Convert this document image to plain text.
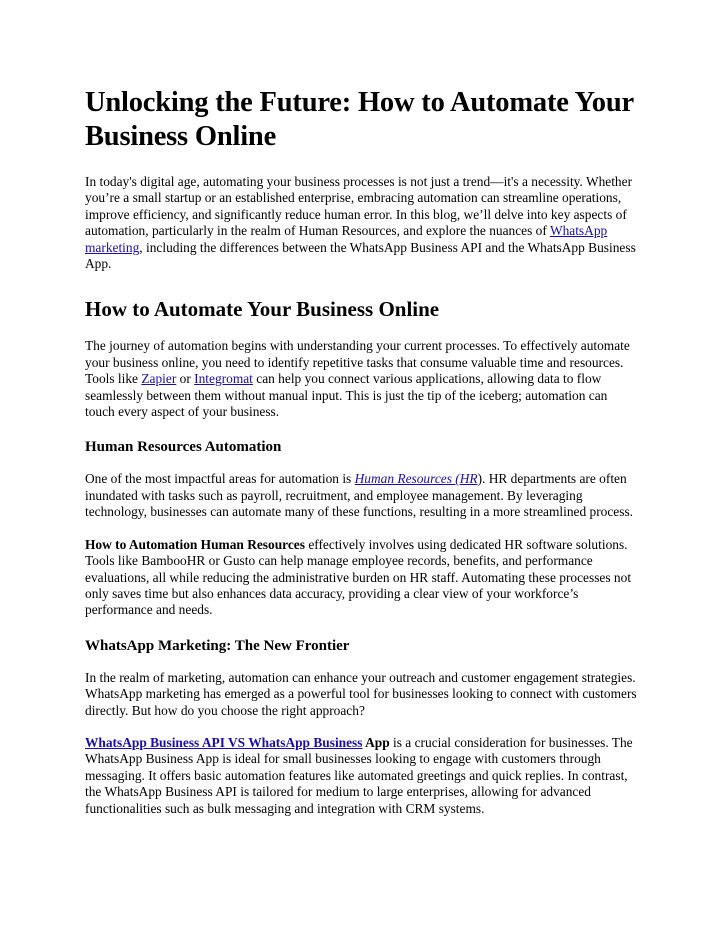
Unlocking the Future: How to Automate Your Business Online

In today's digital age, automating your business processes is not just a trend—it's a necessity. Whether you’re a small startup or an established enterprise, embracing automation can streamline operations, improve efficiency, and significantly reduce human error. In this blog, we’ll delve into key aspects of automation, particularly in the realm of Human Resources, and explore the nuances of WhatsApp marketing, including the differences between the WhatsApp Business API and the WhatsApp Business App.

How to Automate Your Business Online

The journey of automation begins with understanding your current processes. To effectively automate your business online, you need to identify repetitive tasks that consume valuable time and resources. Tools like Zapier or Integromat can help you connect various applications, allowing data to flow seamlessly between them without manual input. This is just the tip of the iceberg; automation can touch every aspect of your business.

Human Resources Automation

One of the most impactful areas for automation is Human Resources (HR). HR departments are often inundated with tasks such as payroll, recruitment, and employee management. By leveraging technology, businesses can automate many of these functions, resulting in a more streamlined process.

How to Automation Human Resources effectively involves using dedicated HR software solutions. Tools like BambooHR or Gusto can help manage employee records, benefits, and performance evaluations, all while reducing the administrative burden on HR staff. Automating these processes not only saves time but also enhances data accuracy, providing a clear view of your workforce’s performance and needs.

WhatsApp Marketing: The New Frontier

In the realm of marketing, automation can enhance your outreach and customer engagement strategies. WhatsApp marketing has emerged as a powerful tool for businesses looking to connect with customers directly. But how do you choose the right approach?

WhatsApp Business API VS WhatsApp Business App is a crucial consideration for businesses. The WhatsApp Business App is ideal for small businesses looking to engage with customers through messaging. It offers basic automation features like automated greetings and quick replies. In contrast, the WhatsApp Business API is tailored for medium to large enterprises, allowing for advanced functionalities such as bulk messaging and integration with CRM systems.
